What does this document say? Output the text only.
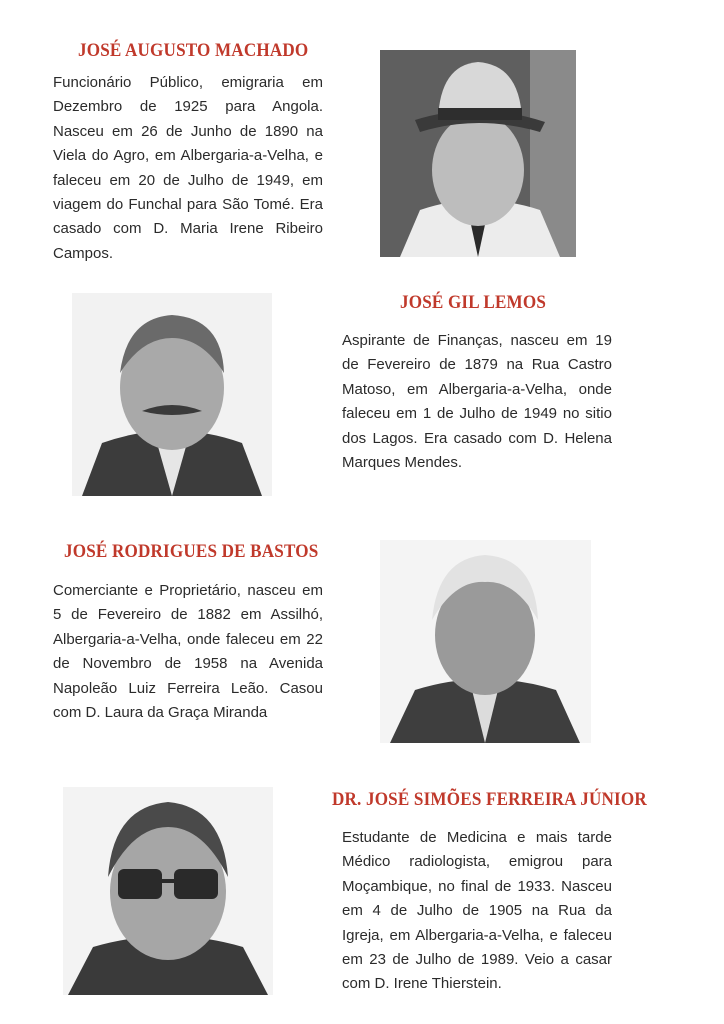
JOSÉ AUGUSTO MACHADO

Funcionário Público, emigraria em Dezembro de 1925 para Angola. Nasceu em 26 de Junho de 1890 na Viela do Agro, em Albergaria-a-Velha, e faleceu em 20 de Julho de 1949, em viagem do Funchal para São Tomé. Era casado com D. Maria Irene Ribeiro Campos.

JOSÉ GIL LEMOS

Aspirante de Finanças, nasceu em 19 de Fevereiro de 1879 na Rua Castro Matoso, em Albergaria-a-Velha, onde faleceu em 1 de Julho de 1949 no sitio dos Lagos. Era casado com D. Helena Marques Mendes.

JOSÉ RODRIGUES DE BASTOS

Comerciante e Proprietário, nasceu em 5 de Fevereiro de 1882 em Assilhó, Albergaria-a-Velha, onde faleceu em 22 de Novembro de 1958 na Avenida Napoleão Luiz Ferreira Leão. Casou com D. Laura da Graça Miranda

DR. JOSÉ SIMÕES FERREIRA JÚNIOR

Estudante de Medicina e mais tarde Médico radiologista, emigrou para Moçambique, no final de 1933. Nasceu em 4 de Julho de 1905 na Rua da Igreja, em Albergaria-a-Velha, e faleceu em 23 de Julho de 1989. Veio a casar com D. Irene Thierstein.
